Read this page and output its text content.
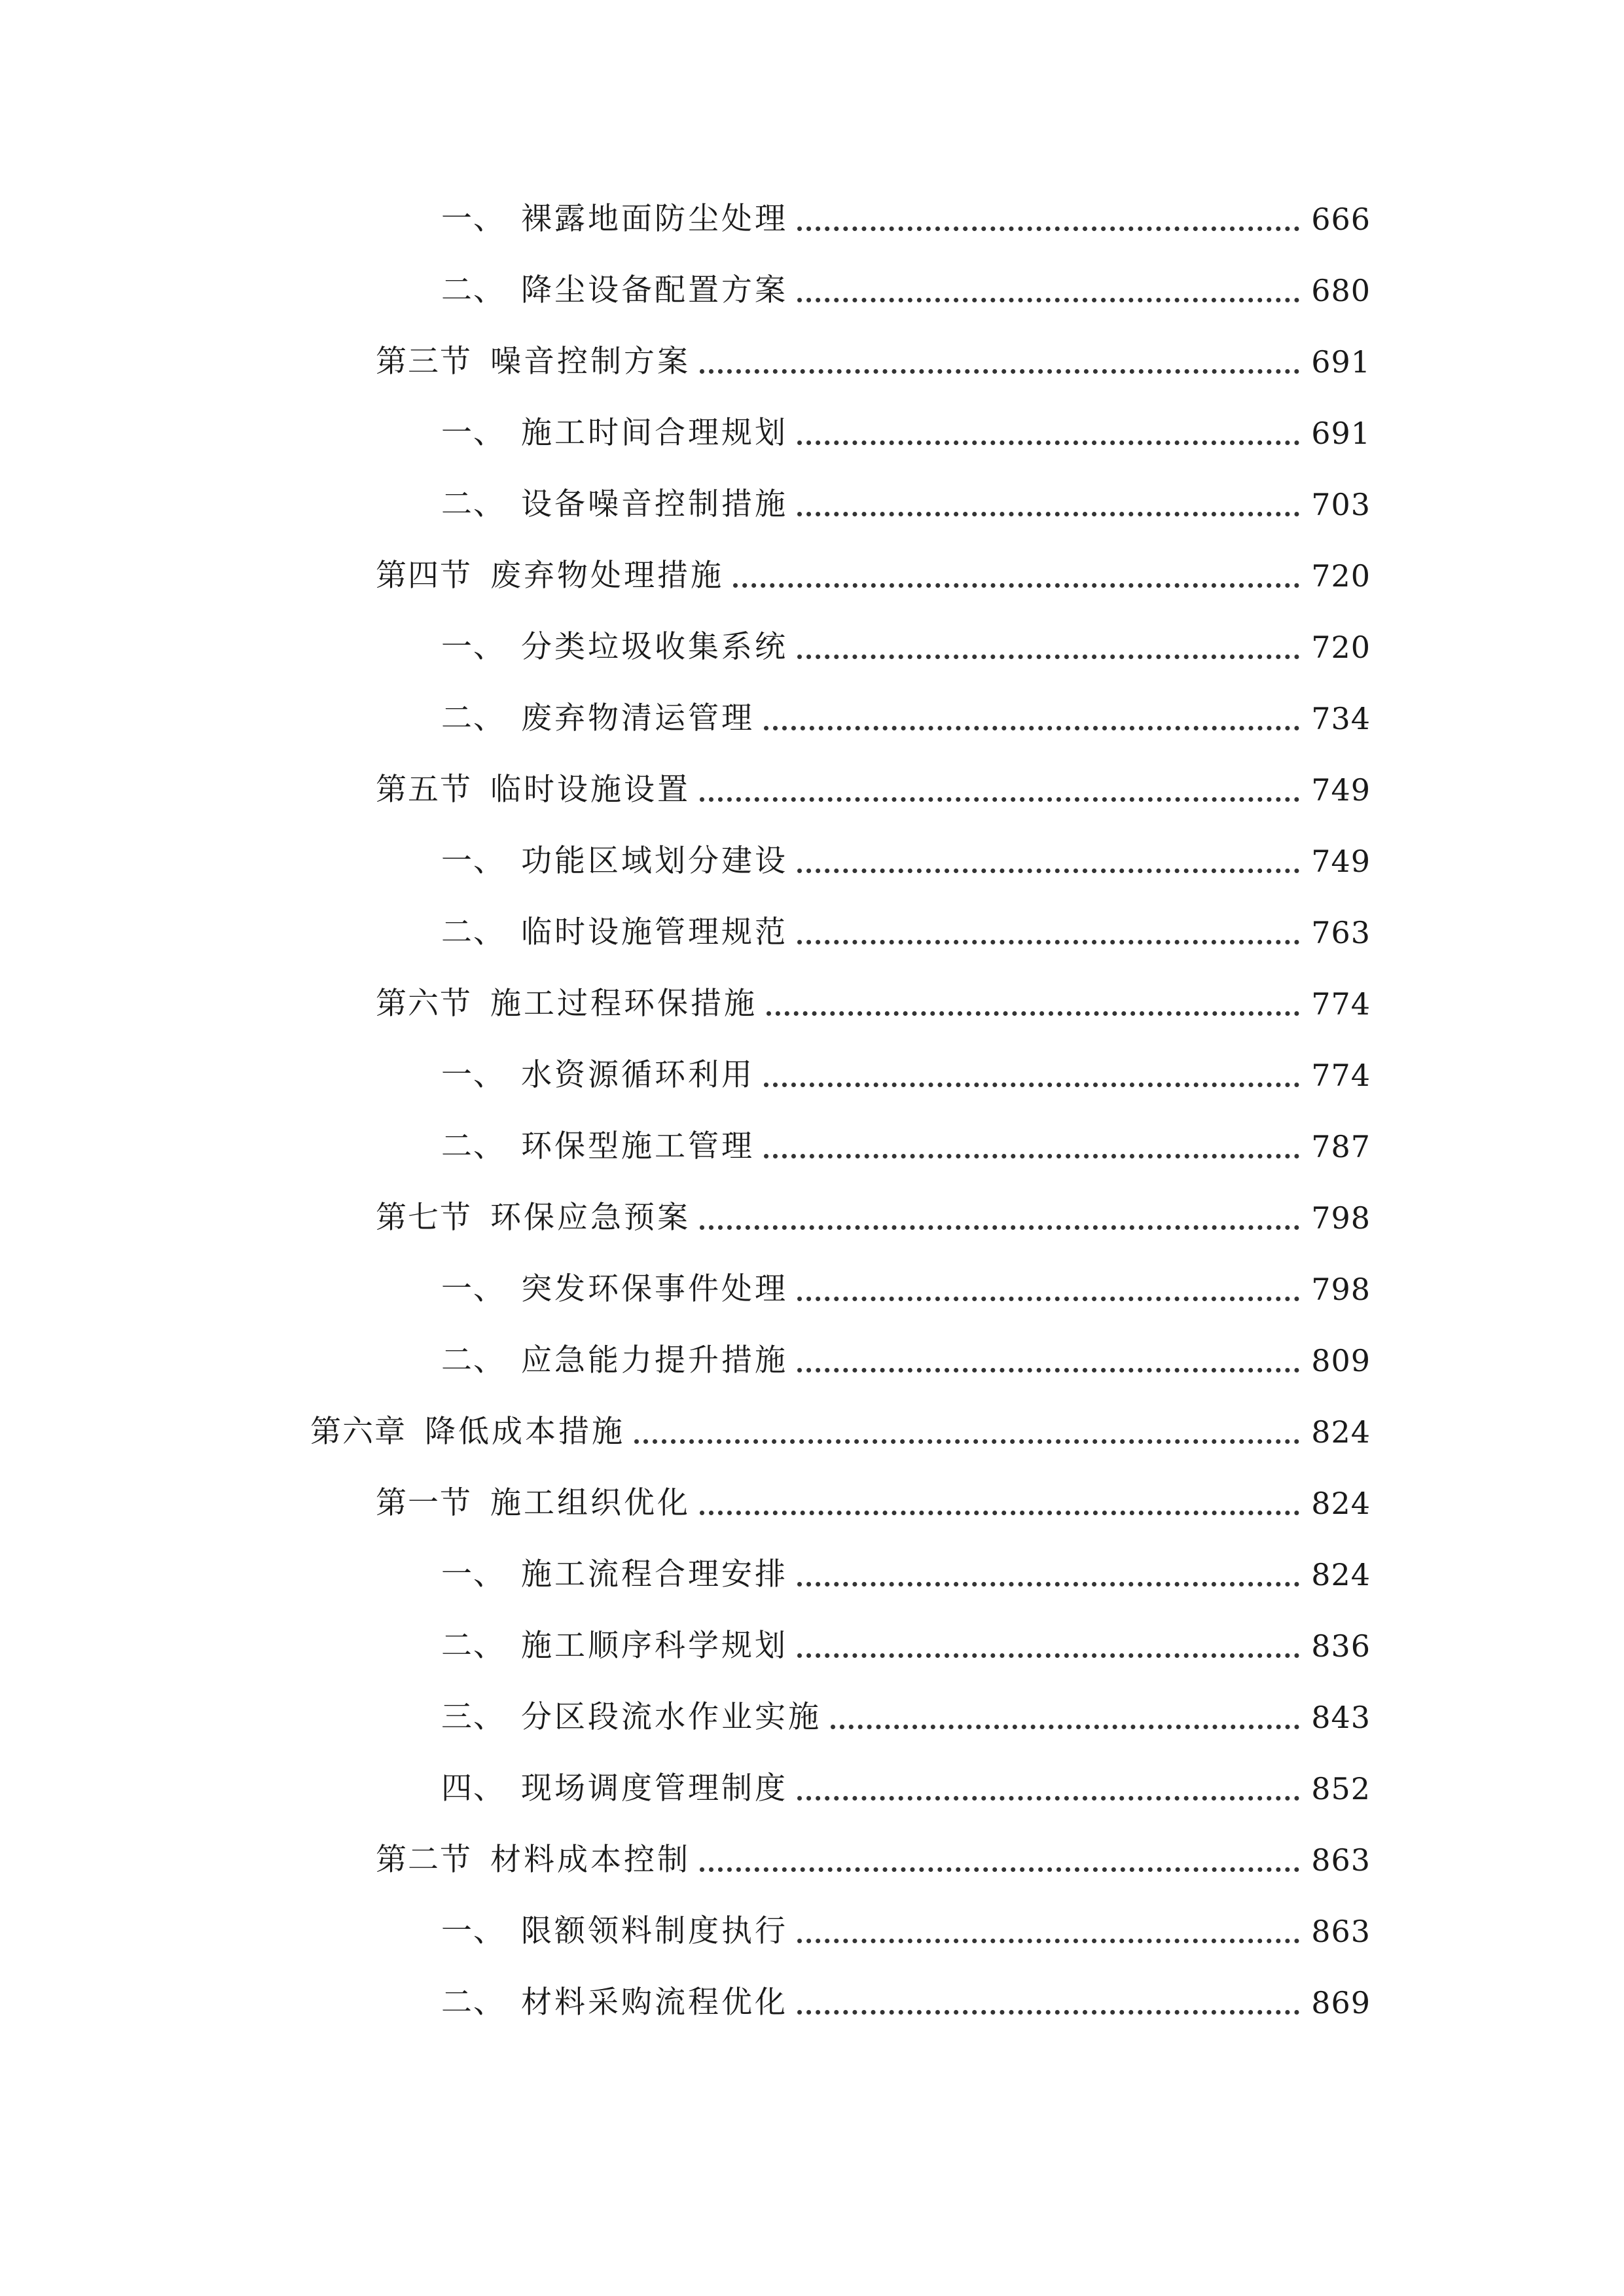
一、 裸露地面防尘处理	666
二、 降尘设备配置方案	680
第三节 噪音控制方案	691
一、 施工时间合理规划	691
二、 设备噪音控制措施	703
第四节 废弃物处理措施	720
一、 分类垃圾收集系统	720
二、 废弃物清运管理	734
第五节 临时设施设置	749
一、 功能区域划分建设	749
二、 临时设施管理规范	763
第六节 施工过程环保措施	774
一、 水资源循环利用	774
二、 环保型施工管理	787
第七节 环保应急预案	798
一、 突发环保事件处理	798
二、 应急能力提升措施	809
第六章 降低成本措施	824
第一节 施工组织优化	824
一、 施工流程合理安排	824
二、 施工顺序科学规划	836
三、 分区段流水作业实施	843
四、 现场调度管理制度	852
第二节 材料成本控制	863
一、 限额领料制度执行	863
二、 材料采购流程优化	869
